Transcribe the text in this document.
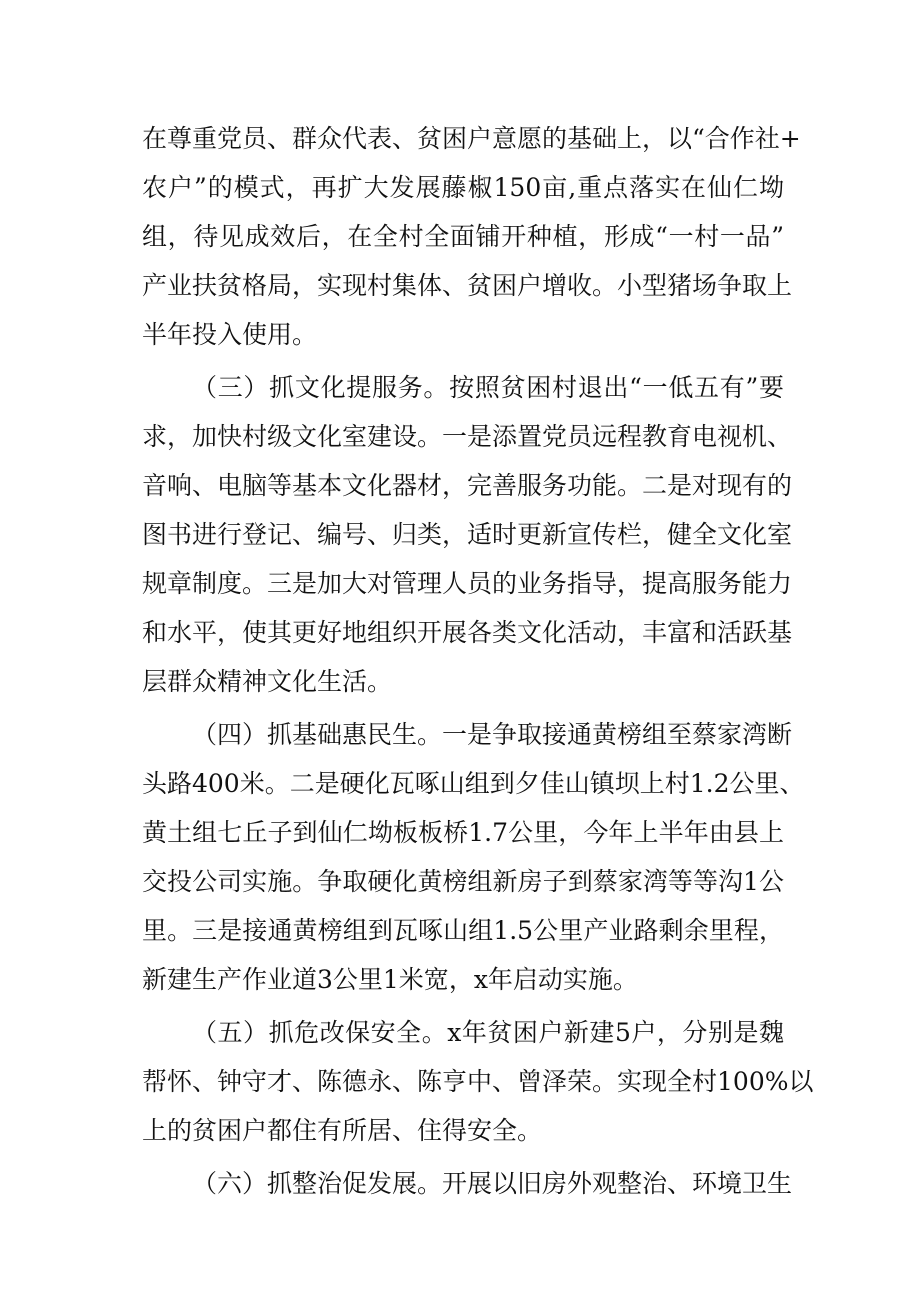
在尊重党员、群众代表、贫困户意愿的基础上，以“合作社+
农户”的模式，再扩大发展藤椒150亩,重点落实在仙仁坳
组，待见成效后，在全村全面铺开种植，形成“一村一品”
产业扶贫格局，实现村集体、贫困户增收。小型猪场争取上
半年投入使用。
（三）抓文化提服务。按照贫困村退出“一低五有”要
求，加快村级文化室建设。一是添置党员远程教育电视机、
音响、电脑等基本文化器材，完善服务功能。二是对现有的
图书进行登记、编号、归类，适时更新宣传栏，健全文化室
规章制度。三是加大对管理人员的业务指导，提高服务能力
和水平，使其更好地组织开展各类文化活动，丰富和活跃基
层群众精神文化生活。
（四）抓基础惠民生。一是争取接通黄榜组至蔡家湾断
头路400米。二是硬化瓦啄山组到夕佳山镇坝上村1.2公里、
黄土组七丘子到仙仁坳板板桥1.7公里，今年上半年由县上
交投公司实施。争取硬化黄榜组新房子到蔡家湾等等沟1公
里。三是接通黄榜组到瓦啄山组1.5公里产业路剩余里程，
新建生产作业道3公里1米宽，x年启动实施。
（五）抓危改保安全。x年贫困户新建5户，分别是魏
帮怀、钟守才、陈德永、陈亨中、曾泽荣。实现全村100%以
上的贫困户都住有所居、住得安全。
（六）抓整治促发展。开展以旧房外观整治、环境卫生
